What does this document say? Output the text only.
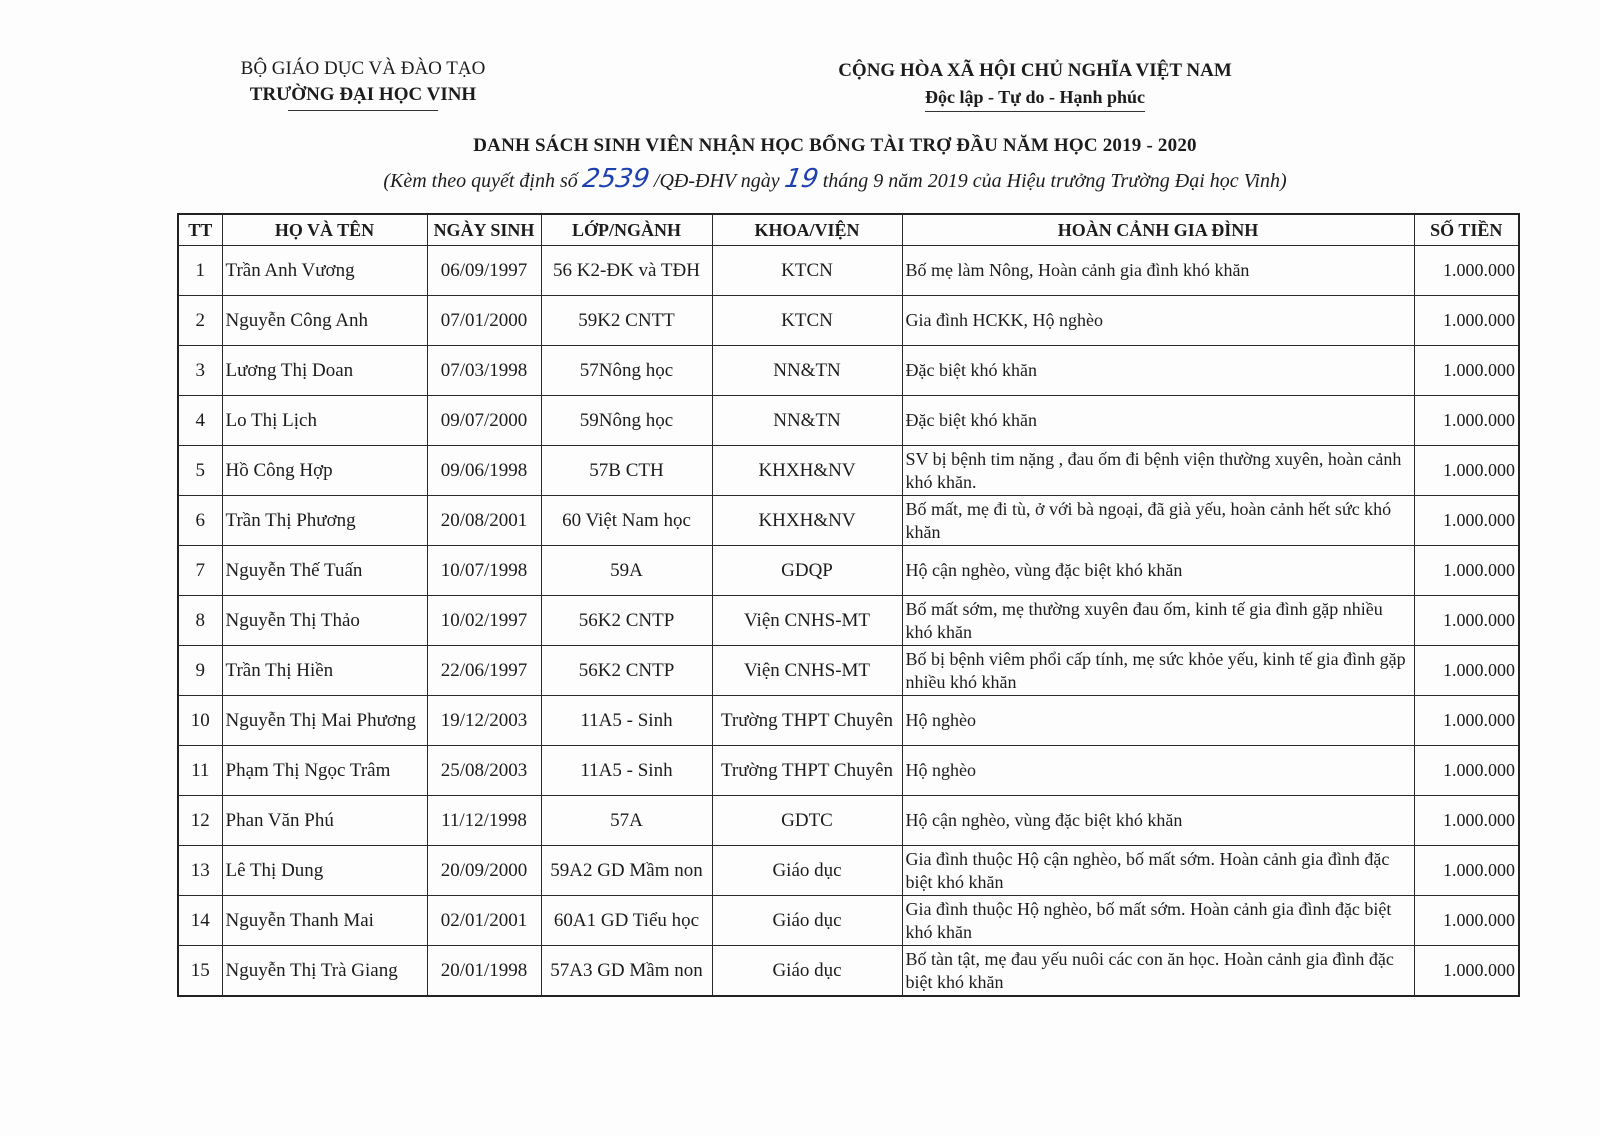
BỘ GIÁO DỤC VÀ ĐÀO TẠO
TRƯỜNG ĐẠI HỌC VINH
CỘNG HÒA XÃ HỘI CHỦ NGHĨA VIỆT NAM
Độc lập - Tự do - Hạnh phúc
DANH SÁCH SINH VIÊN NHẬN HỌC BỔNG TÀI TRỢ ĐẦU NĂM HỌC 2019 - 2020
(Kèm theo quyết định số 2539 /QĐ-ĐHV ngày 19 tháng 9 năm 2019 của Hiệu trưởng Trường Đại học Vinh)
TT	HỌ VÀ TÊN	NGÀY SINH	LỚP/NGÀNH	KHOA/VIỆN	HOÀN CẢNH GIA ĐÌNH	SỐ TIỀN
1	Trần Anh Vương	06/09/1997	56 K2-ĐK và TĐH	KTCN	Bố mẹ làm Nông, Hoàn cảnh gia đình khó khăn	1.000.000
2	Nguyễn Công Anh	07/01/2000	59K2 CNTT	KTCN	Gia đình HCKK, Hộ nghèo	1.000.000
3	Lương Thị Doan	07/03/1998	57Nông học	NN&TN	Đặc biệt khó khăn	1.000.000
4	Lo Thị Lịch	09/07/2000	59Nông học	NN&TN	Đặc biệt khó khăn	1.000.000
5	Hồ Công Hợp	09/06/1998	57B CTH	KHXH&NV	SV bị bệnh tim nặng , đau ốm đi bệnh viện thường xuyên, hoàn cảnh khó khăn.	1.000.000
6	Trần Thị Phương	20/08/2001	60 Việt Nam học	KHXH&NV	Bố mất, mẹ đi tù, ở với bà ngoại, đã già yếu, hoàn cảnh hết sức khó khăn	1.000.000
7	Nguyễn Thế Tuấn	10/07/1998	59A	GDQP	Hộ cận nghèo, vùng đặc biệt khó khăn	1.000.000
8	Nguyễn Thị Thảo	10/02/1997	56K2 CNTP	Viện CNHS-MT	Bố mất sớm, mẹ thường xuyên đau ốm, kinh tế gia đình gặp nhiều khó khăn	1.000.000
9	Trần Thị Hiền	22/06/1997	56K2 CNTP	Viện CNHS-MT	Bố bị bệnh viêm phổi cấp tính, mẹ sức khỏe yếu, kinh tế gia đình gặp nhiều khó khăn	1.000.000
10	Nguyễn Thị Mai Phương	19/12/2003	11A5 - Sinh	Trường THPT Chuyên	Hộ nghèo	1.000.000
11	Phạm Thị Ngọc Trâm	25/08/2003	11A5 - Sinh	Trường THPT Chuyên	Hộ nghèo	1.000.000
12	Phan Văn Phú	11/12/1998	57A	GDTC	Hộ cận nghèo, vùng đặc biệt khó khăn	1.000.000
13	Lê Thị Dung	20/09/2000	59A2 GD Mầm non	Giáo dục	Gia đình thuộc Hộ cận nghèo, bố mất sớm. Hoàn cảnh gia đình đặc biệt khó khăn	1.000.000
14	Nguyễn Thanh Mai	02/01/2001	60A1 GD Tiểu học	Giáo dục	Gia đình thuộc Hộ nghèo, bố mất sớm. Hoàn cảnh gia đình đặc biệt khó khăn	1.000.000
15	Nguyễn Thị Trà Giang	20/01/1998	57A3 GD Mầm non	Giáo dục	Bố tàn tật, mẹ đau yếu nuôi các con ăn học. Hoàn cảnh gia đình đặc biệt khó khăn	1.000.000
